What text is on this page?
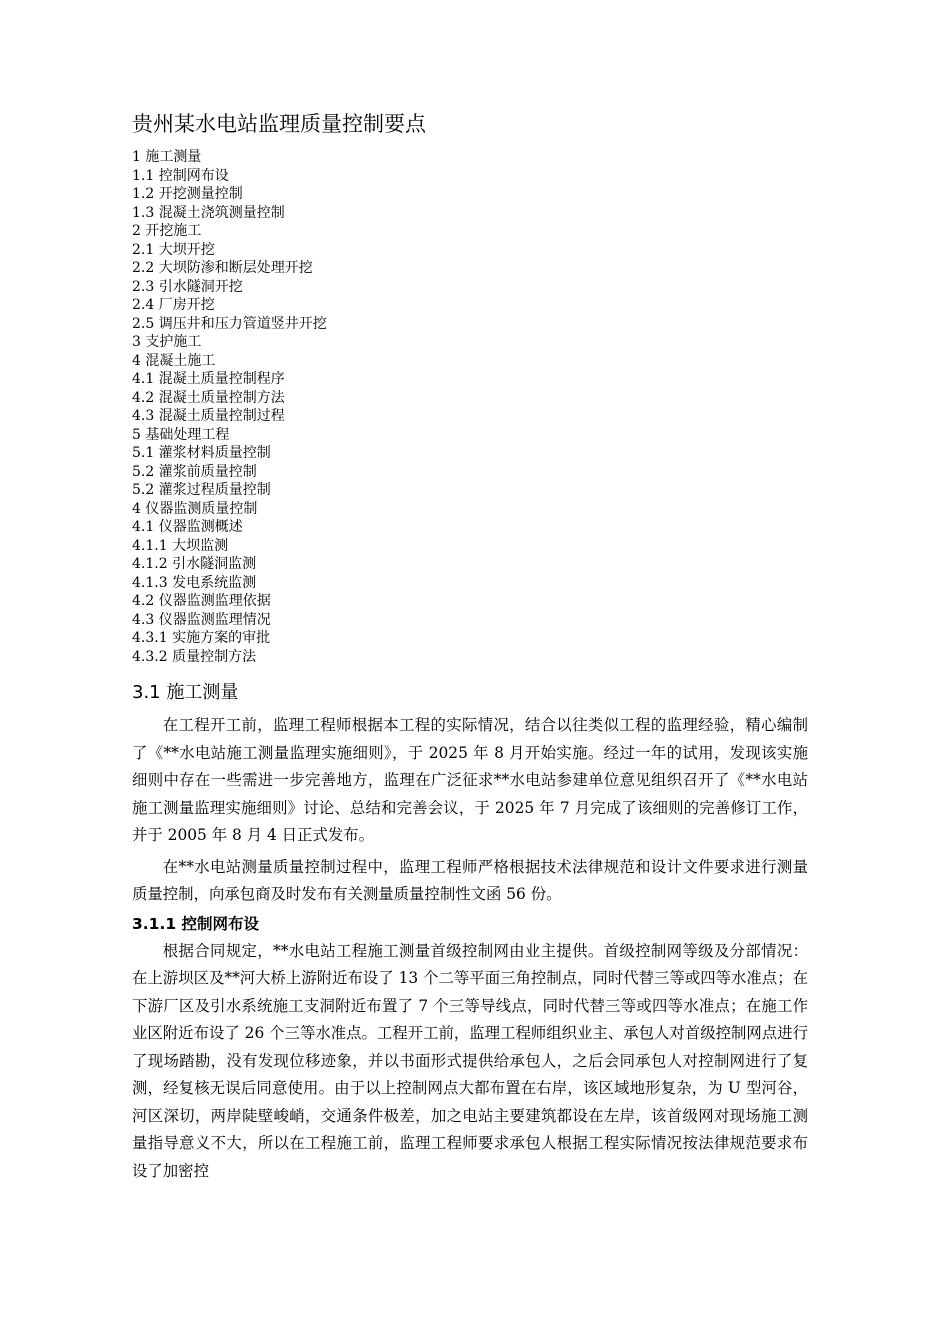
贵州某水电站监理质量控制要点
1 施工测量
1.1 控制网布设
1.2 开挖测量控制
1.3 混凝土浇筑测量控制
2 开挖施工
2.1 大坝开挖
2.2 大坝防渗和断层处理开挖
2.3 引水隧洞开挖
2.4 厂房开挖
2.5 调压井和压力管道竖井开挖
3 支护施工
4 混凝土施工
4.1 混凝土质量控制程序
4.2 混凝土质量控制方法
4.3 混凝土质量控制过程
5 基础处理工程
5.1 灌浆材料质量控制
5.2 灌浆前质量控制
5.2 灌浆过程质量控制
4 仪器监测质量控制
4.1 仪器监测概述
4.1.1 大坝监测
4.1.2 引水隧洞监测
4.1.3 发电系统监测
4.2 仪器监测监理依据
4.3 仪器监测监理情况
4.3.1 实施方案的审批
4.3.2 质量控制方法
3.1 施工测量

在工程开工前，监理工程师根据本工程的实际情况，结合以往类似工程的监理经验，精心编制了《**水电站施工测量监理实施细则》，于 2025 年 8 月开始实施。经过一年的试用，发现该实施细则中存在一些需进一步完善地方，监理在广泛征求**水电站参建单位意见组织召开了《**水电站施工测量监理实施细则》讨论、总结和完善会议，于 2025 年 7 月完成了该细则的完善修订工作，并于 2005 年 8 月 4 日正式发布。

在**水电站测量质量控制过程中，监理工程师严格根据技术法律规范和设计文件要求进行测量质量控制，向承包商及时发布有关测量质量控制性文函 56 份。

3.1.1 控制网布设

根据合同规定，**水电站工程施工测量首级控制网由业主提供。首级控制网等级及分部情况：在上游坝区及**河大桥上游附近布设了 13 个二等平面三角控制点，同时代替三等或四等水准点；在下游厂区及引水系统施工支洞附近布置了 7 个三等导线点，同时代替三等或四等水准点；在施工作业区附近布设了 26 个三等水准点。工程开工前，监理工程师组织业主、承包人对首级控制网点进行了现场踏勘，没有发现位移迹象，并以书面形式提供给承包人，之后会同承包人对控制网进行了复测，经复核无误后同意使用。由于以上控制网点大都布置在右岸，该区域地形复杂，为 U 型河谷，河区深切，两岸陡壁峻峭，交通条件极差，加之电站主要建筑都设在左岸，该首级网对现场施工测量指导意义不大，所以在工程施工前，监理工程师要求承包人根据工程实际情况按法律规范要求布设了加密控
